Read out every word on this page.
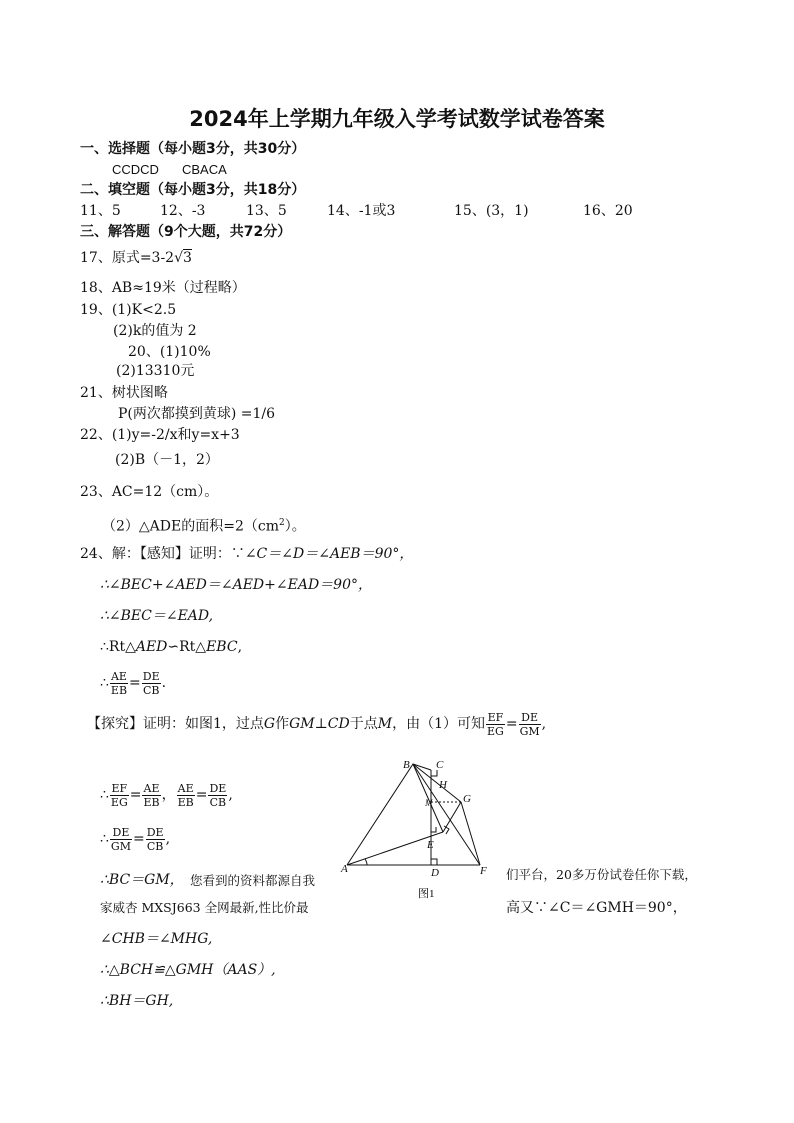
2024年上学期九年级入学考试数学试卷答案
一、选择题（每小题3分，共30分）
CCDCD CBACA
二、填空题（每小题3分，共18分）
11、5	12、-3	13、5	14、-1或3	15、(3，1)	16、20
三、解答题（9个大题，共72分）
17、原式=3-2√3
18、AB≈19米（过程略）
19、(1)K<2.5
(2)k的值为 2
20、(1)10%
(2)13310元
21、树状图略
P(两次都摸到黄球) =1/6
22、(1)y=-2/x和y=x+3
(2)B（－1，2）
23、AC=12（cm）。
（2）△ADE的面积$=2(cm^2)$。
24、解：【感知】证明：∵∠C＝∠D＝∠AEB＝90°，
∴∠BEC+∠AED＝∠AED+∠EAD＝90°，
∴∠BEC＝∠EAD,
∴Rt△AED∽Rt△EBC,
∴ $\frac{AE}{EB} = \frac{DE}{CB}$ .
【探究】证明：如图1，过点G作GM⊥CD于点M，由（1）可知 $\frac{EF}{EG} = \frac{DE}{GM}$ ,
∴ $\frac{EF}{EG} = \frac{AE}{EB}$ ， $\frac{AE}{EB} = \frac{DE}{CB}$ ,
∴ $\frac{DE}{GM} = \frac{DE}{CB}$ ,
∴BC＝GM， 您看到的资料都源自我	们平台，20多万份试卷任你下载，
家威杏 MXSJ663 全网最新,性比价最	高又∵∠C＝∠GMH＝90°，
∠CHB＝∠MHG,
∴△BCH≌△GMH（AAS）,
∴BH＝GH,
B C
H
M	G
E
A	D	F
图1
